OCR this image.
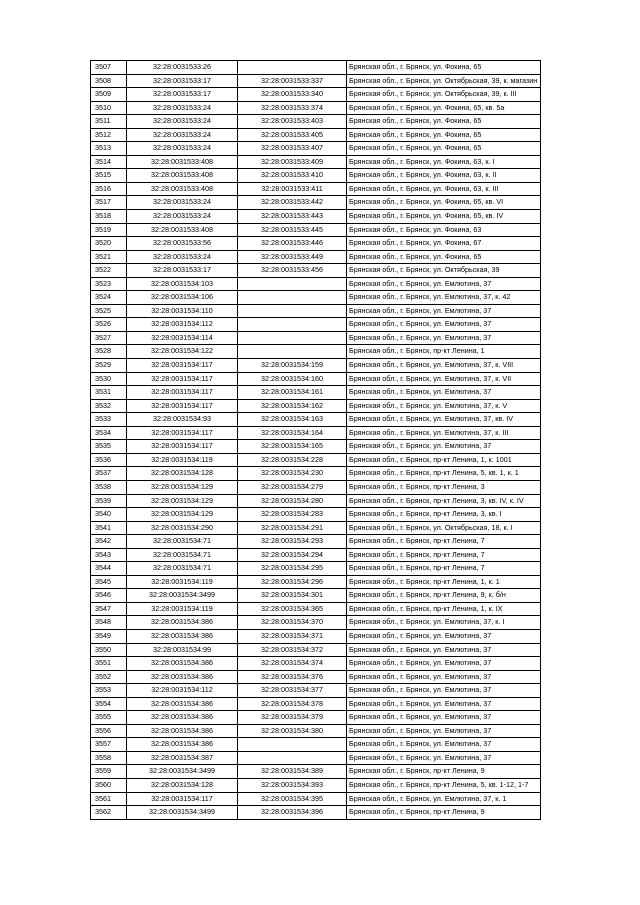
3507	32:28:0031533:26		Брянская обл., г. Брянск, ул. Фокина, 65
3508	32:28:0031533:17	32:28:0031533:337	Брянская обл., г. Брянск, ул. Октябрьская, 39, к. магазин
3509	32:28:0031533:17	32:28:0031533:340	Брянская обл., г. Брянск, ул. Октябрьская, 39, к. III
3510	32:28:0031533:24	32:28:0031533:374	Брянская обл., г. Брянск, ул. Фокина, 65, кв. 5а
3511	32:28:0031533:24	32:28:0031533:403	Брянская обл., г. Брянск, ул. Фокина, 65
3512	32:28:0031533:24	32:28:0031533:405	Брянская обл., г. Брянск, ул. Фокина, 65
3513	32:28:0031533:24	32:28:0031533:407	Брянская обл., г. Брянск, ул. Фокина, 65
3514	32:28:0031533:408	32:28:0031533:409	Брянская обл., г. Брянск, ул. Фокина, 63, к. I
3515	32:28:0031533:408	32:28:0031533:410	Брянская обл., г. Брянск, ул. Фокина, 63, к. II
3516	32:28:0031533:408	32:28:0031533:411	Брянская обл., г. Брянск, ул. Фокина, 63, к. III
3517	32:28:0031533:24	32:28:0031533:442	Брянская обл., г. Брянск, ул. Фокина, 65, кв. VI
3518	32:28:0031533:24	32:28:0031533:443	Брянская обл., г. Брянск, ул. Фокина, 65, кв. IV
3519	32:28:0031533:408	32:28:0031533:445	Брянская обл., г. Брянск, ул. Фокина, 63
3520	32:28:0031533:56	32:28:0031533:446	Брянская обл., г. Брянск, ул. Фокина, 67
3521	32:28:0031533:24	32:28:0031533:449	Брянская обл., г. Брянск, ул. Фокина, 65
3522	32:28:0031533:17	32:28:0031533:456	Брянская обл., г. Брянск, ул. Октябрьская, 39
3523	32:28:0031534:103		Брянская обл., г. Брянск, ул. Емлютина, 37
3524	32:28:0031534:106		Брянская обл., г. Брянск, ул. Емлютина, 37, к. 42
3525	32:28:0031534:110		Брянская обл., г. Брянск, ул. Емлютина, 37
3526	32:28:0031534:112		Брянская обл., г. Брянск, ул. Емлютина, 37
3527	32:28:0031534:114		Брянская обл., г. Брянск, ул. Емлютина, 37
3528	32:28:0031534:122		Брянская обл., г. Брянск, пр-кт Ленина, 1
3529	32:28:0031534:117	32:28:0031534:159	Брянская обл., г. Брянск, ул. Емлютина, 37, к. VIII
3530	32:28:0031534:117	32:28:0031534:160	Брянская обл., г. Брянск, ул. Емлютина, 37, к. VII
3531	32:28:0031534:117	32:28:0031534:161	Брянская обл., г. Брянск, ул. Емлютина, 37
3532	32:28:0031534:117	32:28:0031534:162	Брянская обл., г. Брянск, ул. Емлютина, 37, к. V
3533	32:28:0031534:93	32:28:0031534:163	Брянская обл., г. Брянск, ул. Емлютина, 37, кв. IV
3534	32:28:0031534:117	32:28:0031534:164	Брянская обл., г. Брянск, ул. Емлютина, 37, к. III
3535	32:28:0031534:117	32:28:0031534:165	Брянская обл., г. Брянск, ул. Емлютина, 37
3536	32:28:0031534:119	32:28:0031534:228	Брянская обл., г. Брянск, пр-кт Ленина, 1, к. 1001
3537	32:28:0031534:128	32:28:0031534:230	Брянская обл., г. Брянск, пр-кт Ленина, 5, кв. 1, к. 1
3538	32:28:0031534:129	32:28:0031534:279	Брянская обл., г. Брянск, пр-кт Ленина, 3
3539	32:28:0031534:129	32:28:0031534:280	Брянская обл., г. Брянск, пр-кт Ленина, 3, кв. IV, к. IV
3540	32:28:0031534:129	32:28:0031534:283	Брянская обл., г. Брянск, пр-кт Ленина, 3, кв. I
3541	32:28:0031534:290	32:28:0031534:291	Брянская обл., г. Брянск, ул. Октябрьская, 18, к. I
3542	32:28:0031534:71	32:28:0031534:293	Брянская обл., г. Брянск, пр-кт Ленина, 7
3543	32:28:0031534:71	32:28:0031534:294	Брянская обл., г. Брянск, пр-кт Ленина, 7
3544	32:28:0031534:71	32:28:0031534:295	Брянская обл., г. Брянск, пр-кт Ленина, 7
3545	32:28:0031534:119	32:28:0031534:296	Брянская обл., г. Брянск, пр-кт Ленина, 1, к. 1
3546	32:28:0031534:3499	32:28:0031534:301	Брянская обл., г. Брянск, пр-кт Ленина, 9, к. б/н
3547	32:28:0031534:119	32:28:0031534:365	Брянская обл., г. Брянск, пр-кт Ленина, 1, к. IX
3548	32:28:0031534:386	32:28:0031534:370	Брянская обл., г. Брянск, ул. Емлютина, 37, к. I
3549	32:28:0031534:386	32:28:0031534:371	Брянская обл., г. Брянск, ул. Емлютина, 37
3550	32:28:0031534:99	32:28:0031534:372	Брянская обл., г. Брянск, ул. Емлютина, 37
3551	32:28:0031534:386	32:28:0031534:374	Брянская обл., г. Брянск, ул. Емлютина, 37
3552	32:28:0031534:386	32:28:0031534:376	Брянская обл., г. Брянск, ул. Емлютина, 37
3553	32:28:0031534:112	32:28:0031534:377	Брянская обл., г. Брянск, ул. Емлютина, 37
3554	32:28:0031534:386	32:28:0031534:378	Брянская обл., г. Брянск, ул. Емлютина, 37
3555	32:28:0031534:386	32:28:0031534:379	Брянская обл., г. Брянск, ул. Емлютина, 37
3556	32:28:0031534:386	32:28:0031534:380	Брянская обл., г. Брянск, ул. Емлютина, 37
3557	32:28:0031534:386		Брянская обл., г. Брянск, ул. Емлютина, 37
3558	32:28:0031534:387		Брянская обл., г. Брянск, ул. Емлютина, 37
3559	32:28:0031534:3499	32:28:0031534:389	Брянская обл., г. Брянск, пр-кт Ленина, 9
3560	32:28:0031534:128	32:28:0031534:393	Брянская обл., г. Брянск, пр-кт Ленина, 5, кв. 1-12, 1-7
3561	32:28:0031534:117	32:28:0031534:395	Брянская обл., г. Брянск, ул. Емлютина, 37, к. 1
3562	32:28:0031534:3499	32:28:0031534:396	Брянская обл., г. Брянск, пр-кт Ленина, 9
